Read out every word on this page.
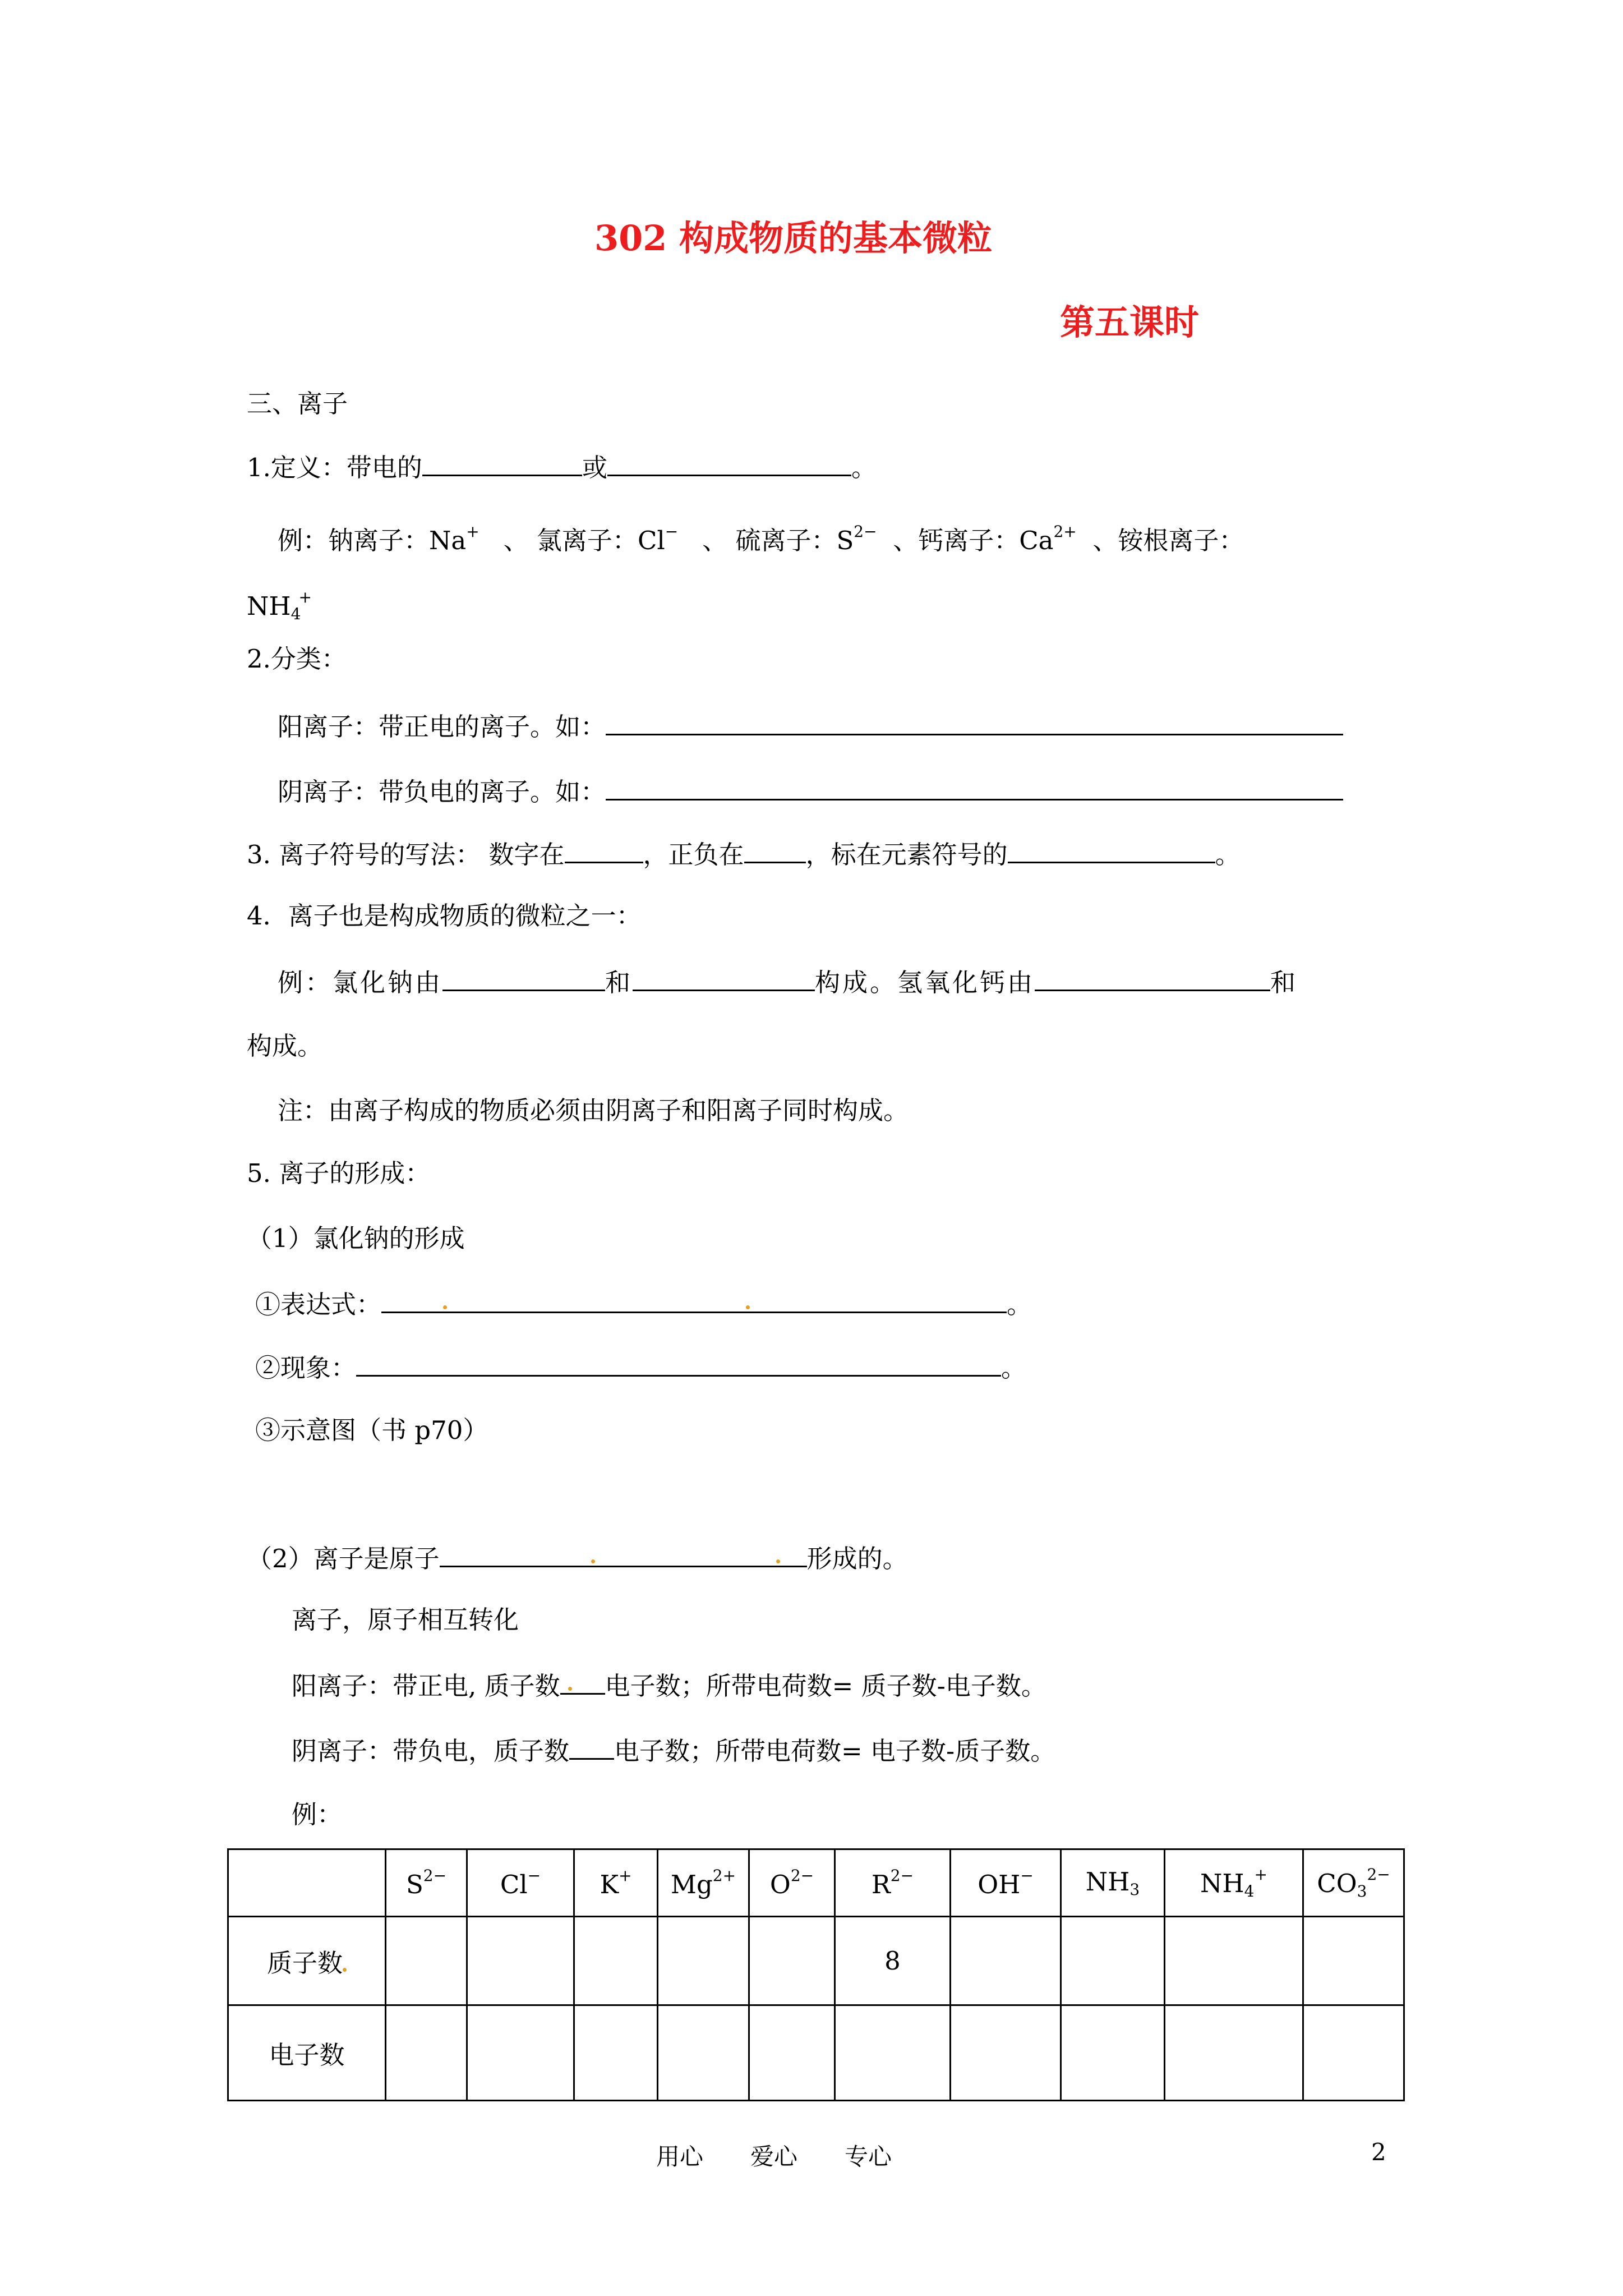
302 构成物质的基本微粒
第五课时
三、离子
1.定义：带电的	或	。
例：钠离子：Na+ 、 氯离子：Cl− 、 硫离子：$S^{2-}$ 、钙离子：$Ca^{2+}$ 、铵根离子：
$NH_4^+$
2.分类：
阳离子：带正电的离子。如：
阴离子：带负电的离子。如：
3. 离子符号的写法： 数字在	，正负在 ，标在元素符号的	。
4．离子也是构成物质的微粒之一：
例：氯化钠由	和	构成。氢氧化钙由	和
构成。
注：由离子构成的物质必须由阴离子和阳离子同时构成。
5. 离子的形成：
（1）氯化钠的形成
①表达式：	。
②现象：	。
③示意图（书 p70）
（2）离子是原子	形成的。
离子，原子相互转化
阳离子：带正电, 质子数 电子数；所带电荷数= 质子数-电子数。
阴离子：带负电，质子数 电子数；所带电荷数= 电子数-质子数。
例：
	$S^{2-}$	Cl−	K+	$Mg^{2+}$	$O^{2-}$	$R^{2-}$	OH−	$NH_3$	$NH_4^+$	$CO_3^{2-}$
质子数						8				
电子数										
用心　　爱心　　专心	2
